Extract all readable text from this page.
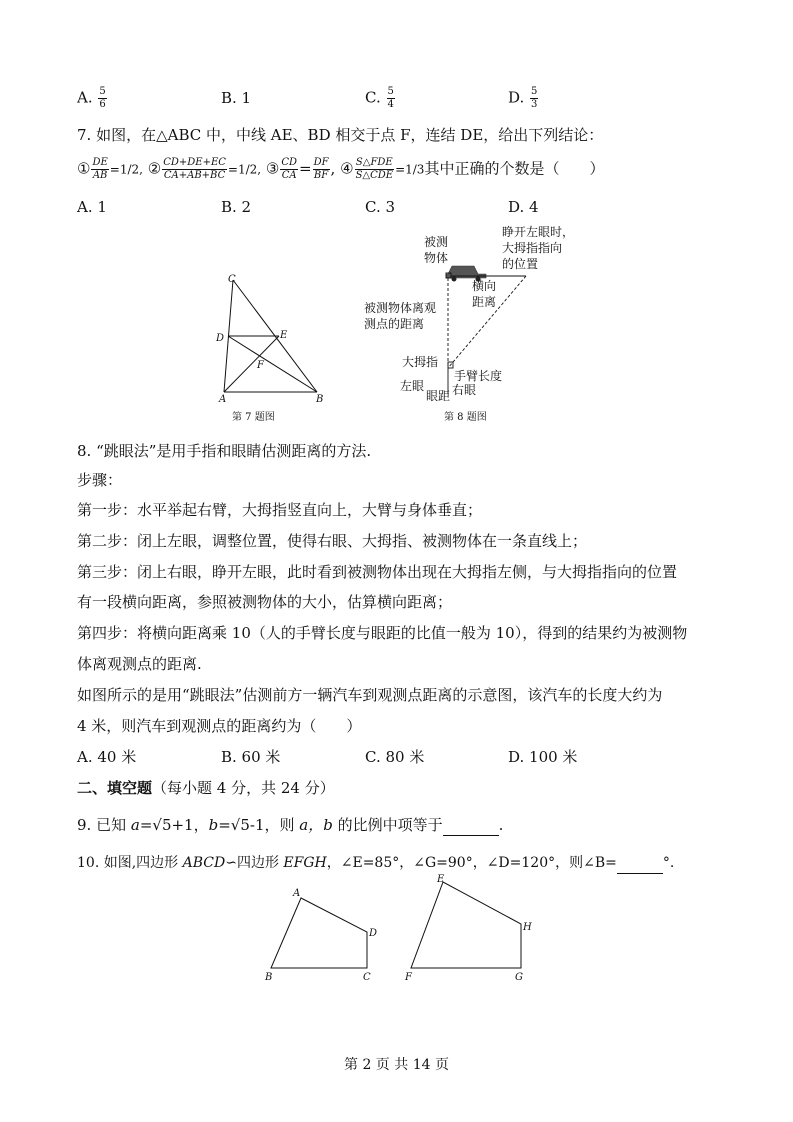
A. $\frac{5}{6}$	B. 1	C. $\frac{5}{4}$	D. $\frac{5}{3}$
7. 如图，在△ABC 中，中线 AE、BD 相交于点 F，连结 DE，给出下列结论：
① $\frac{DE}{AB} =1/2$, ② $\frac{CD+DE+EC}{CA+AB+BC} =1/2$, ③ $\frac{CD}{CA} = \frac{DF}{BF}$ , ④ $\frac{\text{S△FDE}}{\text{S△CDE}} =1/3$其中正确的个数是（　　）
A. 1	B. 2	C. 3	D. 4
C
D	E
F
A	B
第 7 题图
被测
物体
睁开左眼时，
大拇指指向
的位置
横向
距离
被测物体离观
测点的距离
大拇指
手臂长度
左眼 右眼
眼距
第 8 题图
8. “跳眼法”是用手指和眼睛估测距离的方法.
步骤：
第一步：水平举起右臂，大拇指竖直向上，大臂与身体垂直；
第二步：闭上左眼，调整位置，使得右眼、大拇指、被测物体在一条直线上；
第三步：闭上右眼，睁开左眼，此时看到被测物体出现在大拇指左侧，与大拇指指向的位置
有一段横向距离，参照被测物体的大小，估算横向距离；
第四步：将横向距离乘 10（人的手臂长度与眼距的比值一般为 10），得到的结果约为被测物
体离观测点的距离.
如图所示的是用“跳眼法”估测前方一辆汽车到观测点距离的示意图，该汽车的长度大约为
4 米，则汽车到观测点的距离约为（　　）
A. 40 米	B. 60 米	C. 80 米	D. 100 米
二、填空题（每小题 4 分，共 24 分）
9. 已知 a=√5+1，b=√5-1，则 a，b 的比例中项等于	.
10. 如图,四边形 ABCD∽四边形 EFGH，∠E=85°，∠G=90°，∠D=120°，则∠B=	°.
A
D
B	C
E
H
F	G
第 2 页 共 14 页
